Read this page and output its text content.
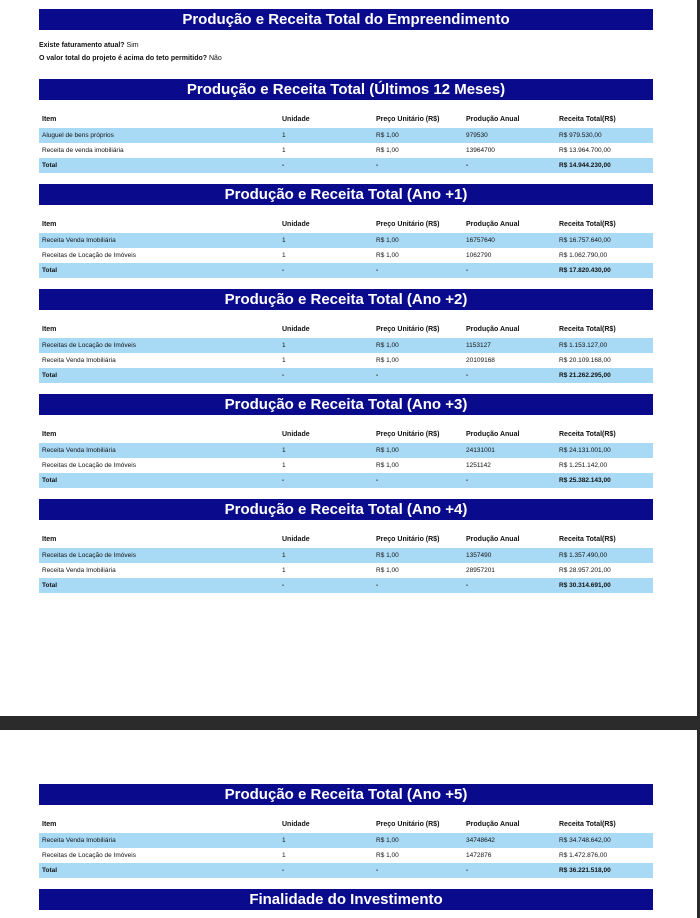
Produção e Receita Total do Empreendimento
Existe faturamento atual? Sim
O valor total do projeto é acima do teto permitido? Não
Produção e Receita Total (Últimos 12 Meses)
Item	Unidade	Preço Unitário (R$)	Produção Anual	Receita Total(R$)
Aluguel de bens próprios	1	R$ 1,00	979530	R$ 979.530,00
Receita de venda imobiliária	1	R$ 1,00	13964700	R$ 13.964.700,00
Total	-	-	-	R$ 14.944.230,00
Produção e Receita Total (Ano +1)
Item	Unidade	Preço Unitário (R$)	Produção Anual	Receita Total(R$)
Receita Venda Imobiliária	1	R$ 1,00	16757640	R$ 16.757.640,00
Receitas de Locação de Imóveis	1	R$ 1,00	1062790	R$ 1.062.790,00
Total	-	-	-	R$ 17.820.430,00
Produção e Receita Total (Ano +2)
Item	Unidade	Preço Unitário (R$)	Produção Anual	Receita Total(R$)
Receitas de Locação de Imóveis	1	R$ 1,00	1153127	R$ 1.153.127,00
Receita Venda Imobiliária	1	R$ 1,00	20109168	R$ 20.109.168,00
Total	-	-	-	R$ 21.262.295,00
Produção e Receita Total (Ano +3)
Item	Unidade	Preço Unitário (R$)	Produção Anual	Receita Total(R$)
Receita Venda Imobiliária	1	R$ 1,00	24131001	R$ 24.131.001,00
Receitas de Locação de Imóveis	1	R$ 1,00	1251142	R$ 1.251.142,00
Total	-	-	-	R$ 25.382.143,00
Produção e Receita Total (Ano +4)
Item	Unidade	Preço Unitário (R$)	Produção Anual	Receita Total(R$)
Receitas de Locação de Imóveis	1	R$ 1,00	1357490	R$ 1.357.490,00
Receita Venda Imobiliária	1	R$ 1,00	28957201	R$ 28.957.201,00
Total	-	-	-	R$ 30.314.691,00
Produção e Receita Total (Ano +5)
Item	Unidade	Preço Unitário (R$)	Produção Anual	Receita Total(R$)
Receita Venda Imobiliária	1	R$ 1,00	34748642	R$ 34.748.642,00
Receitas de Locação de Imóveis	1	R$ 1,00	1472876	R$ 1.472.876,00
Total	-	-	-	R$ 36.221.518,00
Finalidade do Investimento
